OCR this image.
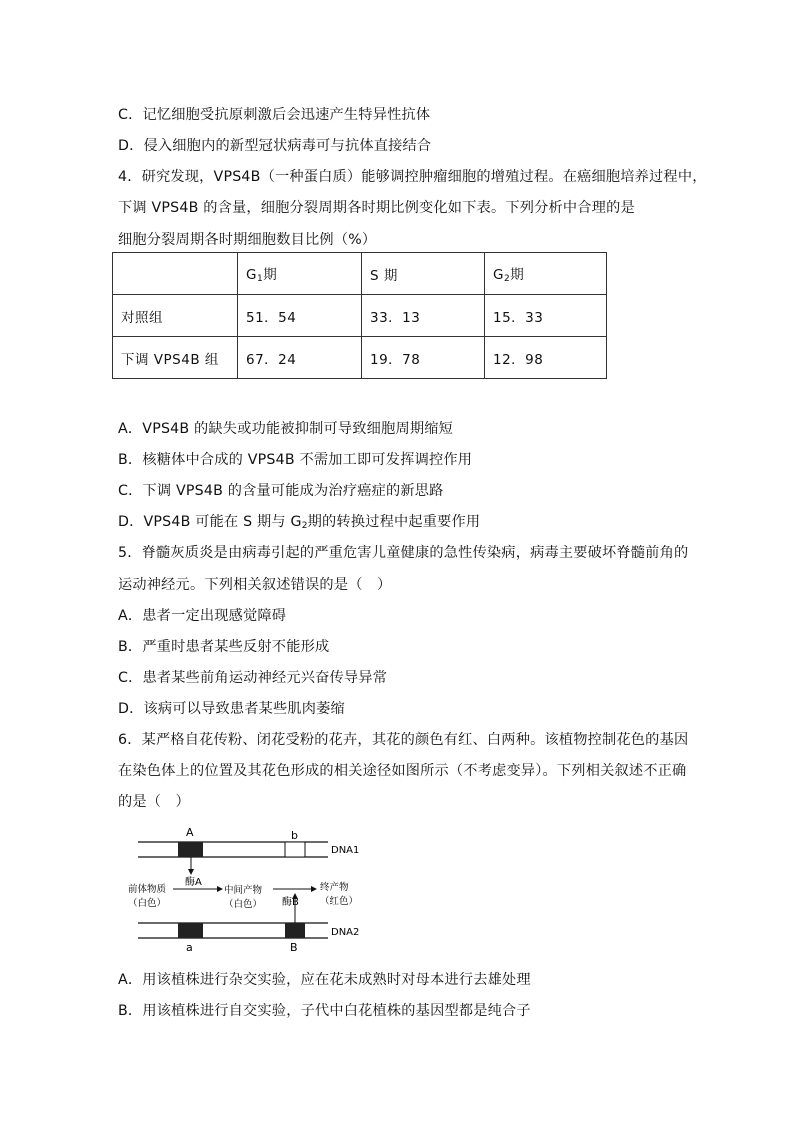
C．记忆细胞受抗原刺激后会迅速产生特异性抗体
D．侵入细胞内的新型冠状病毒可与抗体直接结合
4．研究发现，VPS4B（一种蛋白质）能够调控肿瘤细胞的增殖过程。在癌细胞培养过程中，
下调 VPS4B 的含量，细胞分裂周期各时期比例变化如下表。下列分析中合理的是
细胞分裂周期各时期细胞数目比例（%）
	$G_1$期	S 期	$G_2$期
对照组	51．54	33．13	15．33
下调 VPS4B 组	67．24	19．78	12．98
A．VPS4B 的缺失或功能被抑制可导致细胞周期缩短
B．核糖体中合成的 VPS4B 不需加工即可发挥调控作用
C．下调 VPS4B 的含量可能成为治疗癌症的新思路
D．VPS4B 可能在 S 期与 $G_2$期的转换过程中起重要作用
5．脊髓灰质炎是由病毒引起的严重危害儿童健康的急性传染病，病毒主要破坏脊髓前角的
运动神经元。下列相关叙述错误的是（　）
A．患者一定出现感觉障碍
B．严重时患者某些反射不能形成
C．患者某些前角运动神经元兴奋传导异常
D．该病可以导致患者某些肌肉萎缩
6．某严格自花传粉、闭花受粉的花卉，其花的颜色有红、白两种。该植物控制花色的基因
在染色体上的位置及其花色形成的相关途径如图所示（不考虑变异）。下列相关叙述不正确
的是（　）
A	b
DNA1
酶A
前体物质
（白色）
中间产物
（白色）
终产物
（红色）
酶B
a	B
DNA2
A．用该植株进行杂交实验，应在花未成熟时对母本进行去雄处理
B．用该植株进行自交实验，子代中白花植株的基因型都是纯合子
